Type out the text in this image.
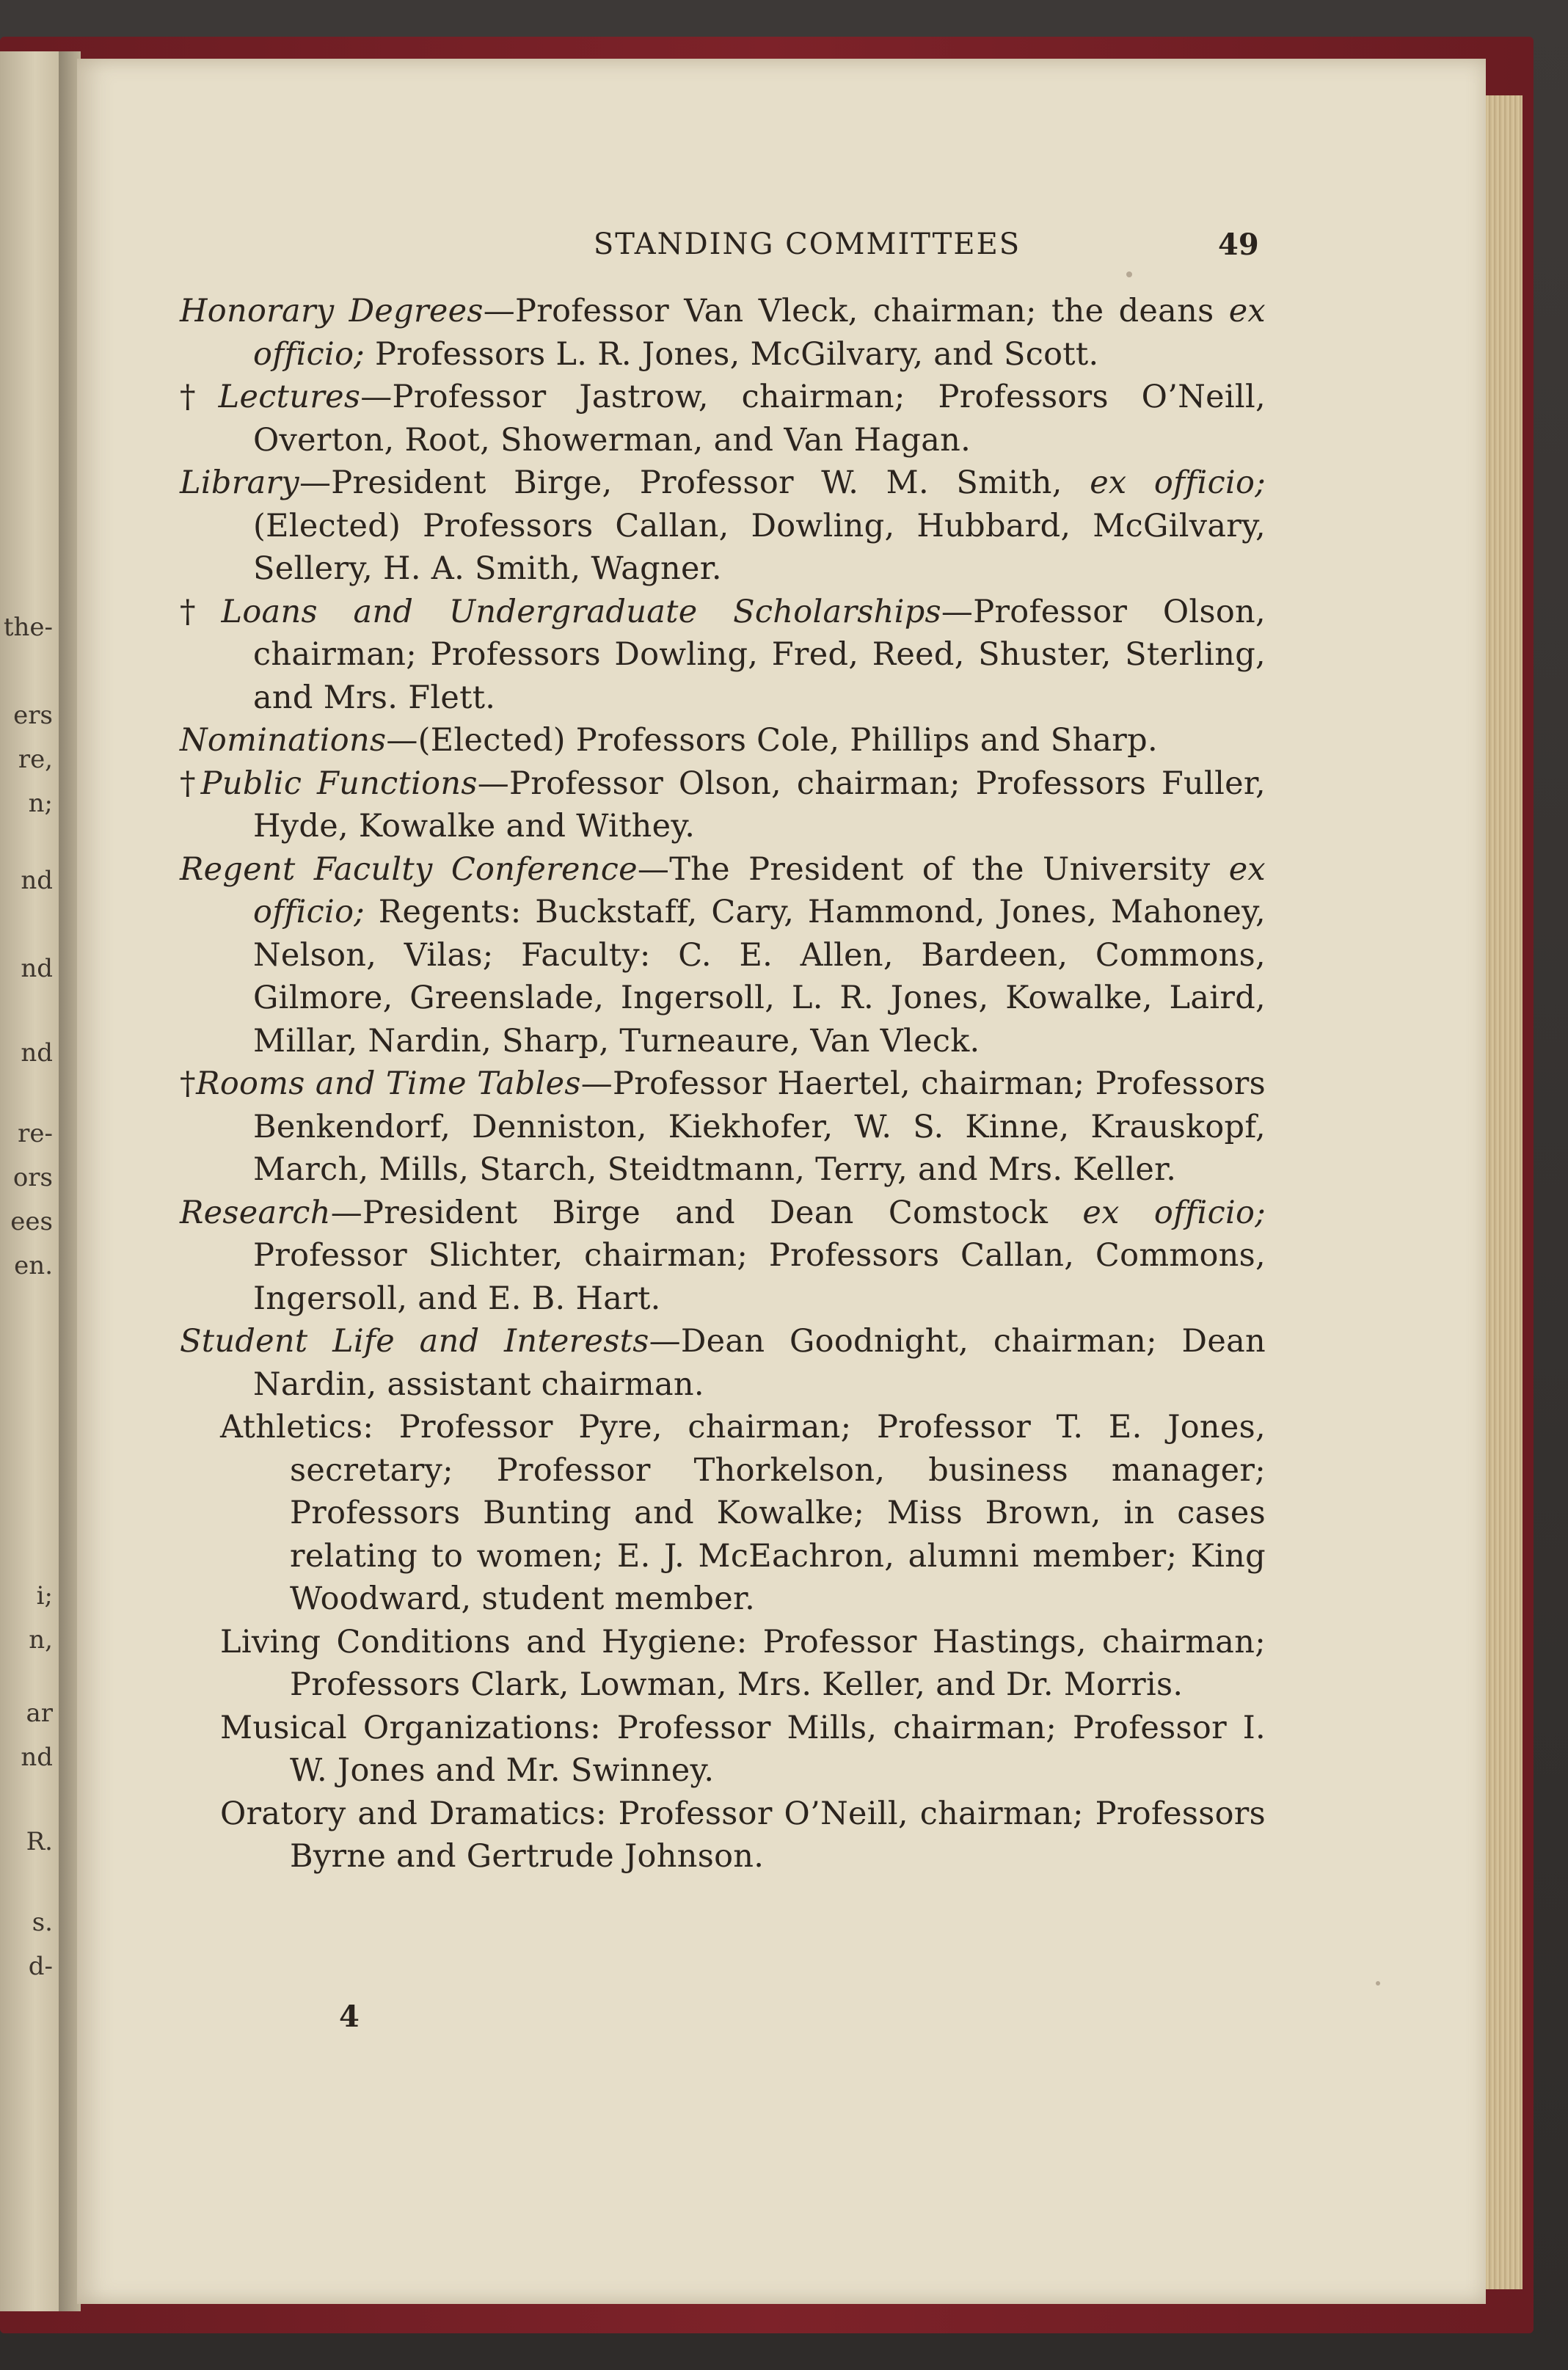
the-
ers
re,
n;
nd
nd
nd
re-
ors
ees
en.
i;
n,
ar
nd
R.
s.
d-
STANDING COMMITTEES	49

Honorary Degrees—Professor Van Vleck, chairman; the deans ex officio; Professors L. R. Jones, McGilvary, and Scott.

†Lectures—Professor Jastrow, chairman; Professors O’Neill, Overton, Root, Showerman, and Van Hagan.

Library—President Birge, Professor W. M. Smith, ex officio; (Elected) Professors Callan, Dowling, Hubbard, McGilvary, Sellery, H. A. Smith, Wagner.

†Loans and Undergraduate Scholarships—Professor Olson, chairman; Professors Dowling, Fred, Reed, Shuster, Sterling, and Mrs. Flett.

Nominations—(Elected) Professors Cole, Phillips and Sharp.

†Public Functions—Professor Olson, chairman; Professors Fuller, Hyde, Kowalke and Withey.

Regent Faculty Conference—The President of the University ex officio; Regents: Buckstaff, Cary, Hammond, Jones, Mahoney, Nelson, Vilas; Faculty: C. E. Allen, Bardeen, Commons, Gilmore, Greenslade, Ingersoll, L. R. Jones, Kowalke, Laird, Millar, Nardin, Sharp, Turneaure, Van Vleck.

†Rooms and Time Tables—Professor Haertel, chairman; Professors Benkendorf, Denniston, Kiekhofer, W. S. Kinne, Krauskopf, March, Mills, Starch, Steidtmann, Terry, and Mrs. Keller.

Research—President Birge and Dean Comstock ex officio; Professor Slichter, chairman; Professors Callan, Commons, Ingersoll, and E. B. Hart.

Student Life and Interests—Dean Goodnight, chairman; Dean Nardin, assistant chairman.

Athletics: Professor Pyre, chairman; Professor T. E. Jones, secretary; Professor Thorkelson, business manager; Professors Bunting and Kowalke; Miss Brown, in cases relating to women; E. J. McEachron, alumni member; King Woodward, student member.

Living Conditions and Hygiene: Professor Hastings, chairman; Professors Clark, Lowman, Mrs. Keller, and Dr. Morris.

Musical Organizations: Professor Mills, chairman; Professor I. W. Jones and Mr. Swinney.

Oratory and Dramatics: Professor O’Neill, chairman; Professors Byrne and Gertrude Johnson.

4
